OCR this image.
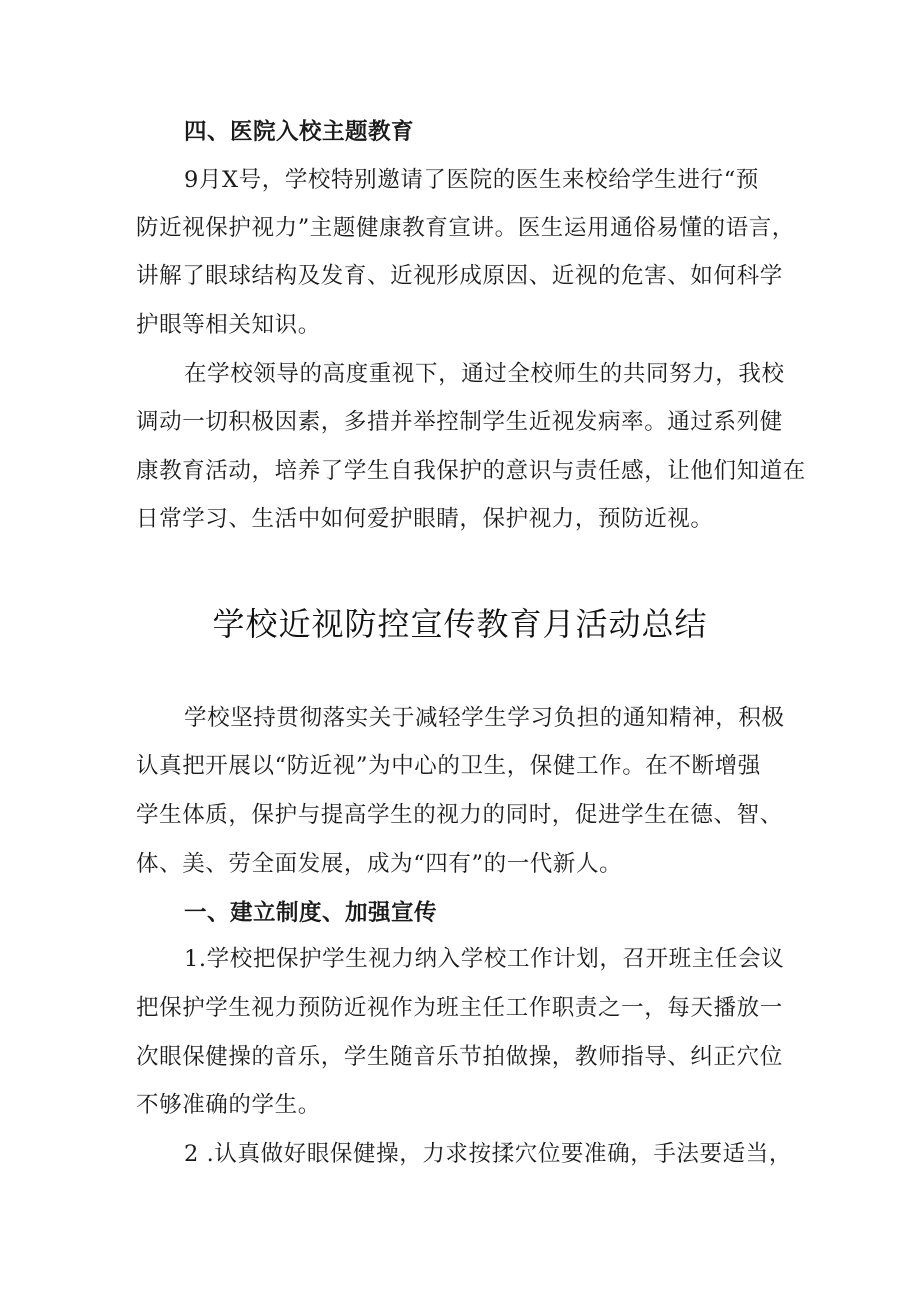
四、医院入校主题教育
9月X号，学校特别邀请了医院的医生来校给学生进行“预
防近视保护视力”主题健康教育宣讲。医生运用通俗易懂的语言，
讲解了眼球结构及发育、近视形成原因、近视的危害、如何科学
护眼等相关知识。
在学校领导的高度重视下，通过全校师生的共同努力，我校
调动一切积极因素，多措并举控制学生近视发病率。通过系列健
康教育活动，培养了学生自我保护的意识与责任感，让他们知道在
日常学习、生活中如何爱护眼睛，保护视力，预防近视。
学校近视防控宣传教育月活动总结
学校坚持贯彻落实关于减轻学生学习负担的通知精神，积极
认真把开展以“防近视”为中心的卫生，保健工作。在不断增强
学生体质，保护与提高学生的视力的同时，促进学生在德、智、
体、美、劳全面发展，成为“四有”的一代新人。
一、建立制度、加强宣传
1.学校把保护学生视力纳入学校工作计划，召开班主任会议
把保护学生视力预防近视作为班主任工作职责之一，每天播放一
次眼保健操的音乐，学生随音乐节拍做操，教师指导、纠正穴位
不够准确的学生。
2 .认真做好眼保健操，力求按揉穴位要准确，手法要适当，
